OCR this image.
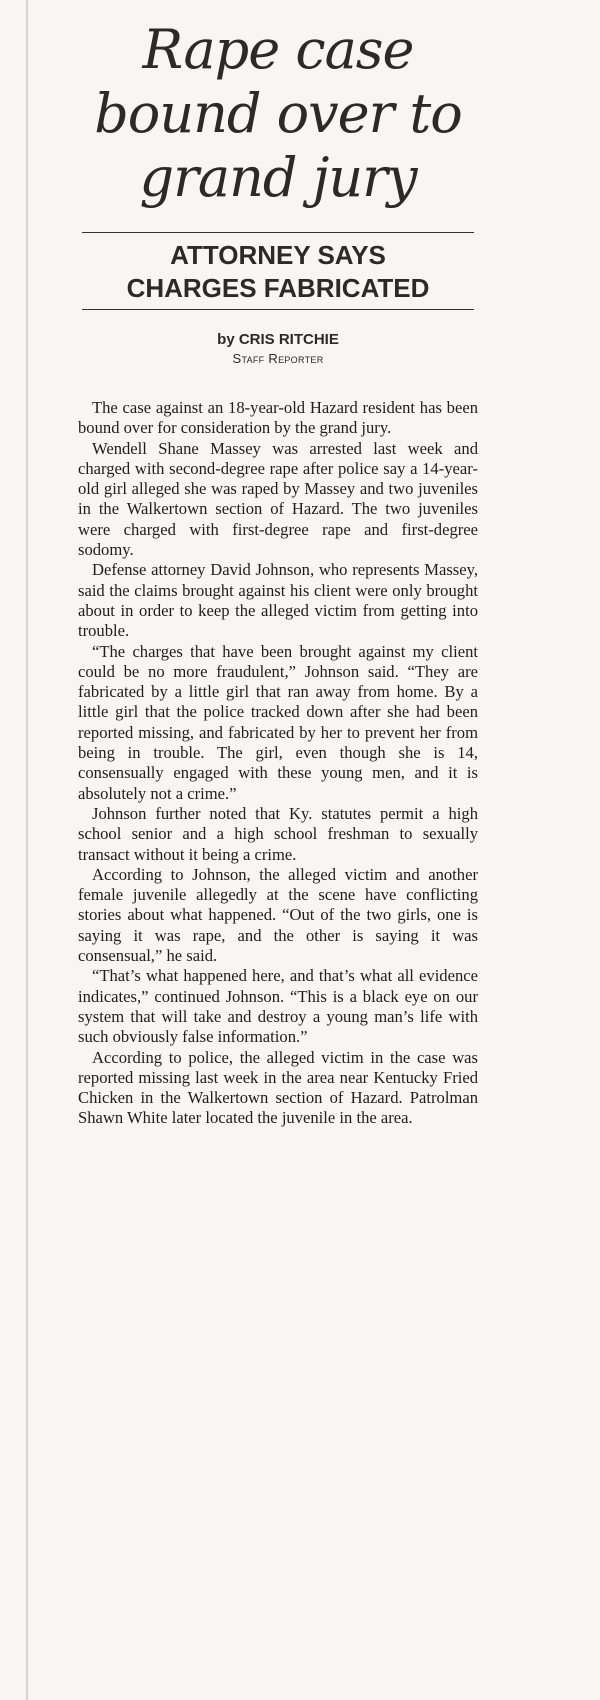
Rape case
bound over to
grand jury
ATTORNEY SAYS
CHARGES FABRICATED
by CRIS RITCHIE
Staff Reporter

The case against an 18-year-old Hazard resident has been bound over for consideration by the grand jury.

Wendell Shane Massey was arrested last week and charged with second-degree rape after police say a 14-year-old girl alleged she was raped by Massey and two juveniles in the Walkertown section of Hazard. The two juveniles were charged with first-degree rape and first-degree sodomy.

Defense attorney David Johnson, who represents Massey, said the claims brought against his client were only brought about in order to keep the alleged victim from getting into trouble.

“The charges that have been brought against my client could be no more fraudulent,” Johnson said. “They are fabricated by a little girl that ran away from home. By a little girl that the police tracked down after she had been reported missing, and fabricated by her to prevent her from being in trouble. The girl, even though she is 14, consensually engaged with these young men, and it is absolutely not a crime.”

Johnson further noted that Ky. statutes permit a high school senior and a high school freshman to sexually transact without it being a crime.

According to Johnson, the alleged victim and another female juvenile allegedly at the scene have conflicting stories about what happened. “Out of the two girls, one is saying it was rape, and the other is saying it was consensual,” he said.

“That’s what happened here, and that’s what all evidence indicates,” continued Johnson. “This is a black eye on our system that will take and destroy a young man’s life with such obviously false information.”

According to police, the alleged victim in the case was reported missing last week in the area near Kentucky Fried Chicken in the Walkertown section of Hazard. Patrolman Shawn White later located the juvenile in the area.
